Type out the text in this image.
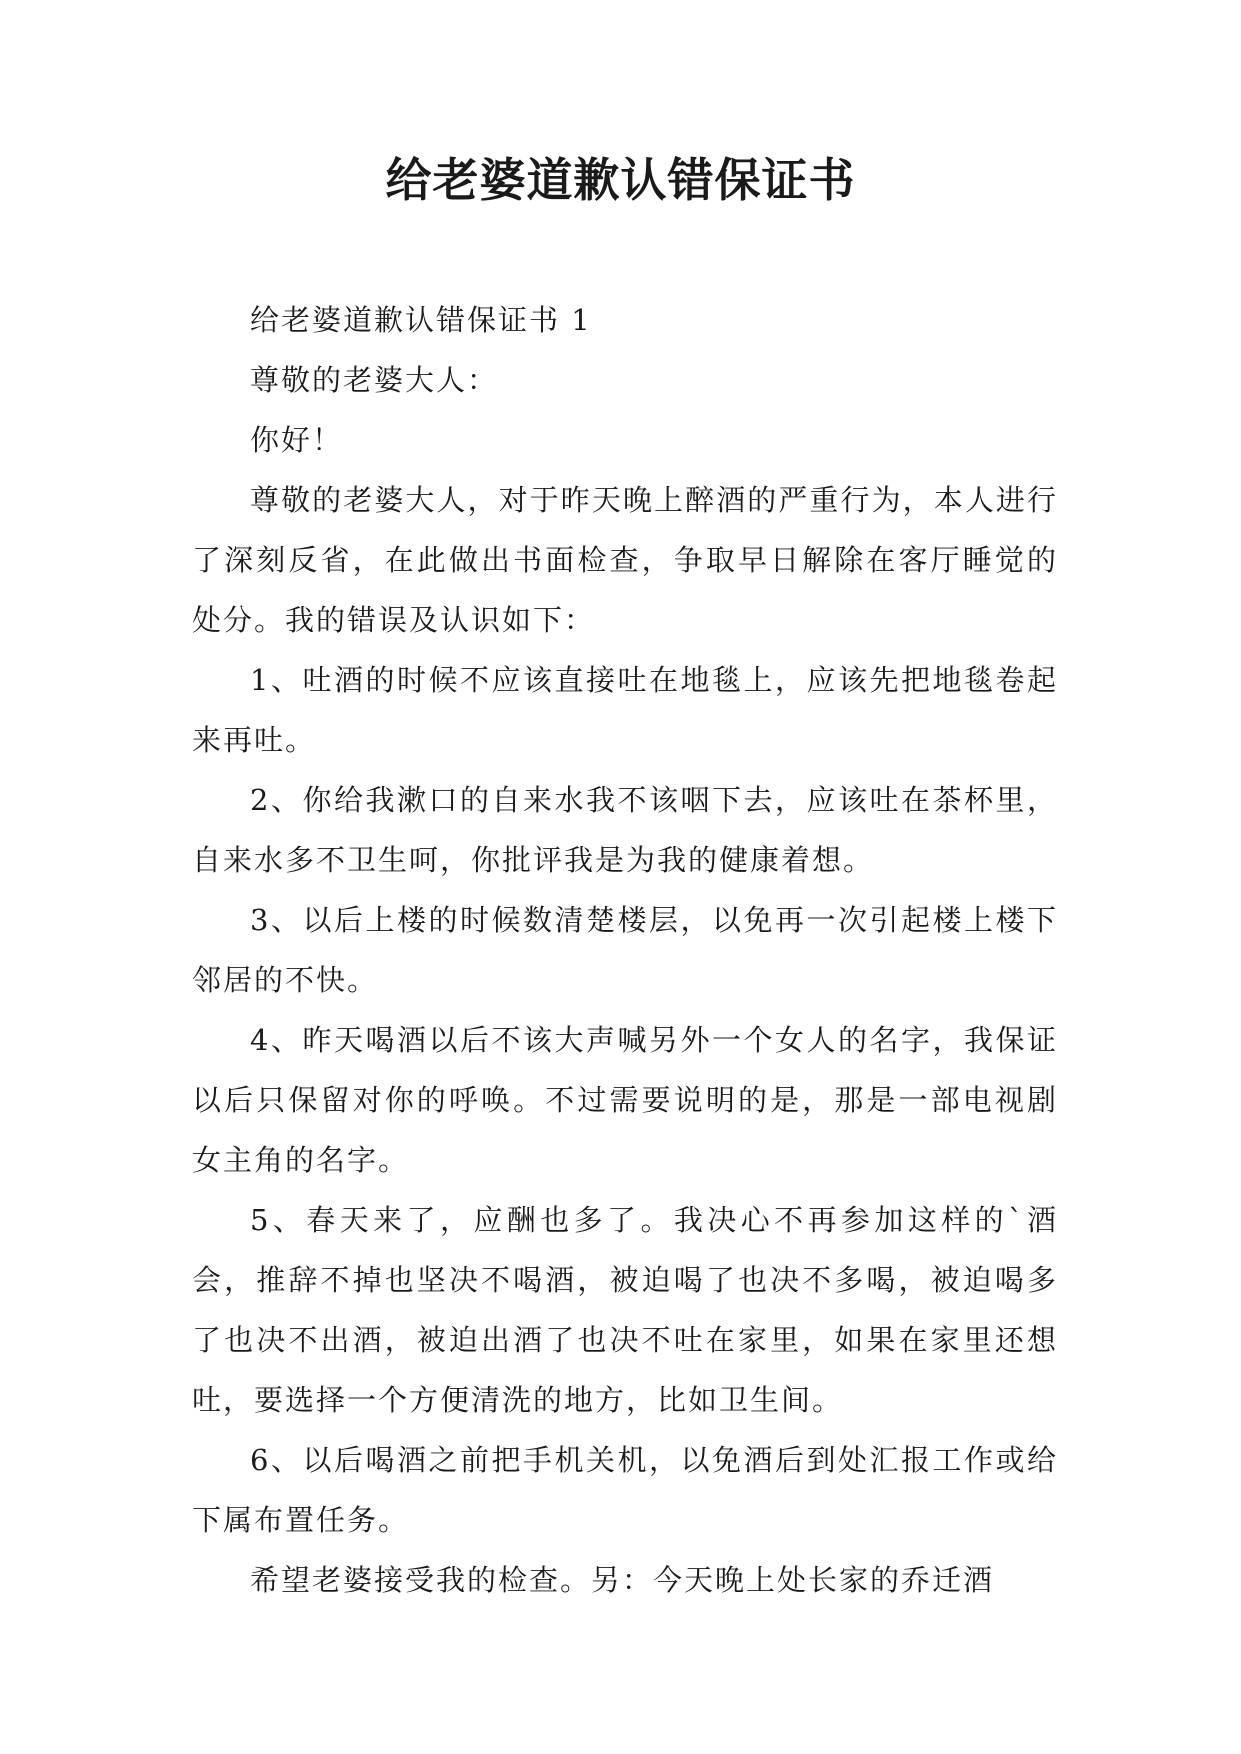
给老婆道歉认错保证书

给老婆道歉认错保证书 1

尊敬的老婆大人：

你好！

尊敬的老婆大人，对于昨天晚上醉酒的严重行为，本人进行了深刻反省，在此做出书面检查，争取早日解除在客厅睡觉的处分。我的错误及认识如下：

1、吐酒的时候不应该直接吐在地毯上，应该先把地毯卷起来再吐。

2、你给我漱口的自来水我不该咽下去，应该吐在茶杯里，自来水多不卫生呵，你批评我是为我的健康着想。

3、以后上楼的时候数清楚楼层，以免再一次引起楼上楼下邻居的不快。

4、昨天喝酒以后不该大声喊另外一个女人的名字，我保证以后只保留对你的呼唤。不过需要说明的是，那是一部电视剧女主角的名字。

5、春天来了，应酬也多了。我决心不再参加这样的`酒会，推辞不掉也坚决不喝酒，被迫喝了也决不多喝，被迫喝多了也决不出酒，被迫出酒了也决不吐在家里，如果在家里还想吐，要选择一个方便清洗的地方，比如卫生间。

6、以后喝酒之前把手机关机，以免酒后到处汇报工作或给下属布置任务。

希望老婆接受我的检查。另：今天晚上处长家的乔迁酒
